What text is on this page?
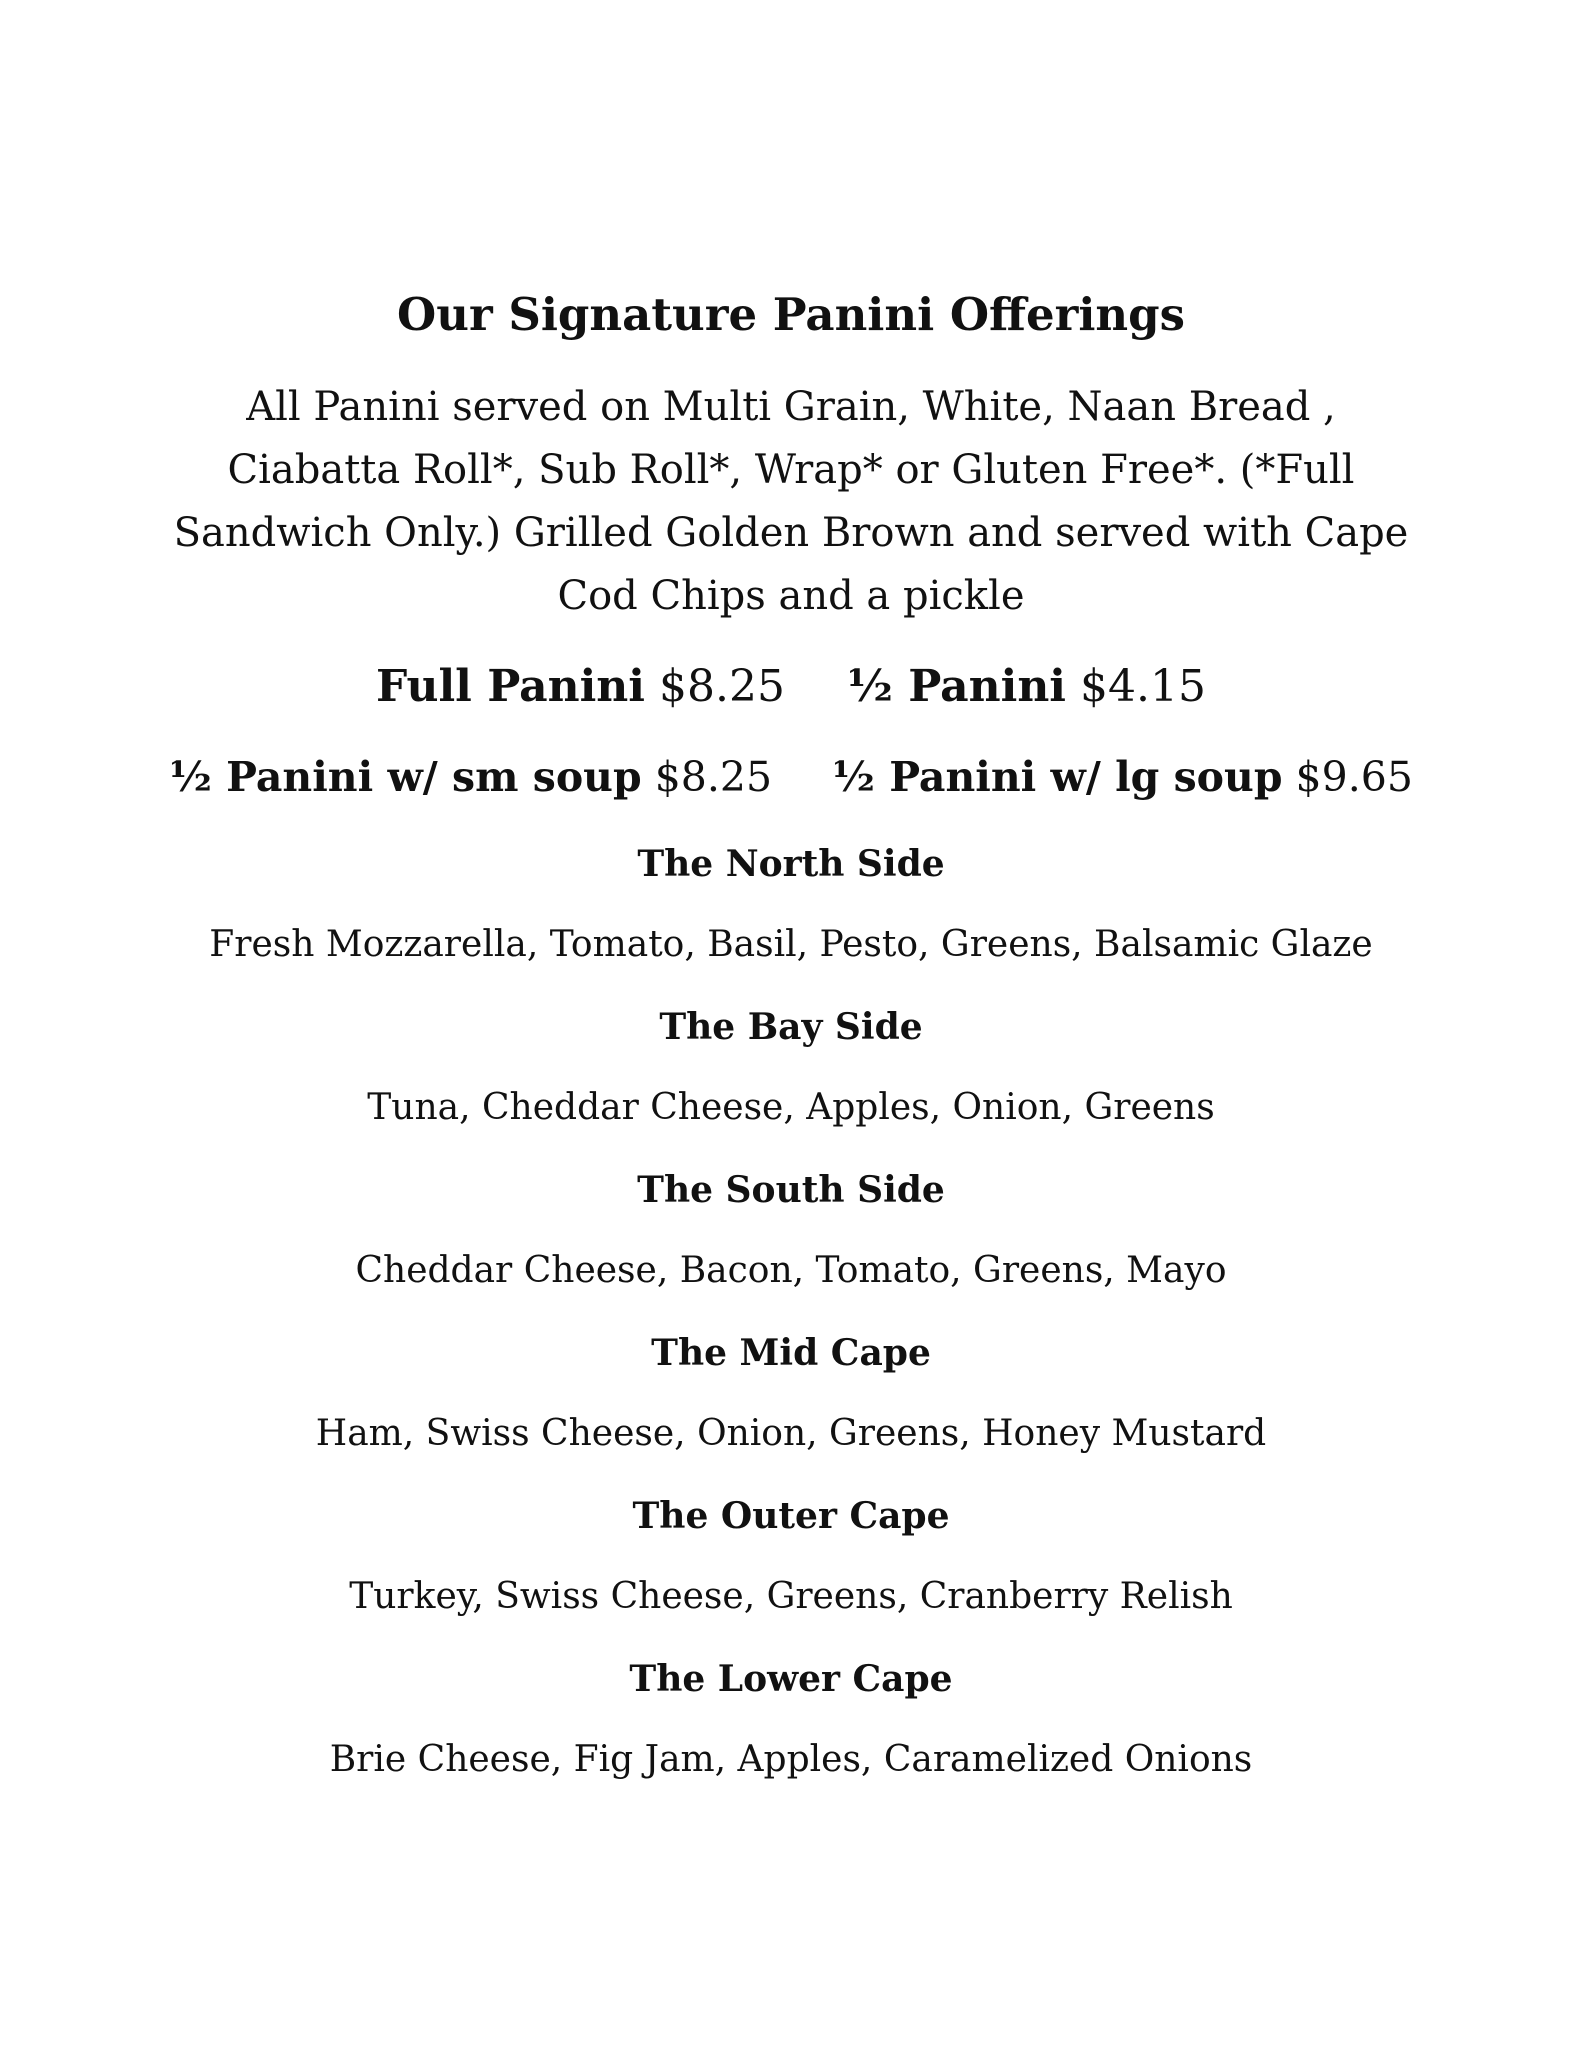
Our Signature Panini Offerings
All Panini served on Multi Grain, White, Naan Bread ,
Ciabatta Roll*, Sub Roll*, Wrap* or Gluten Free*. (*Full
Sandwich Only.) Grilled Golden Brown and served with Cape
Cod Chips and a pickle
Full Panini $8.25 ½ Panini $4.15
½ Panini w/ sm soup $8.25 ½ Panini w/ lg soup $9.65
The North Side
Fresh Mozzarella, Tomato, Basil, Pesto, Greens, Balsamic Glaze
The Bay Side
Tuna, Cheddar Cheese, Apples, Onion, Greens
The South Side
Cheddar Cheese, Bacon, Tomato, Greens, Mayo
The Mid Cape
Ham, Swiss Cheese, Onion, Greens, Honey Mustard
The Outer Cape
Turkey, Swiss Cheese, Greens, Cranberry Relish
The Lower Cape
Brie Cheese, Fig Jam, Apples, Caramelized Onions
